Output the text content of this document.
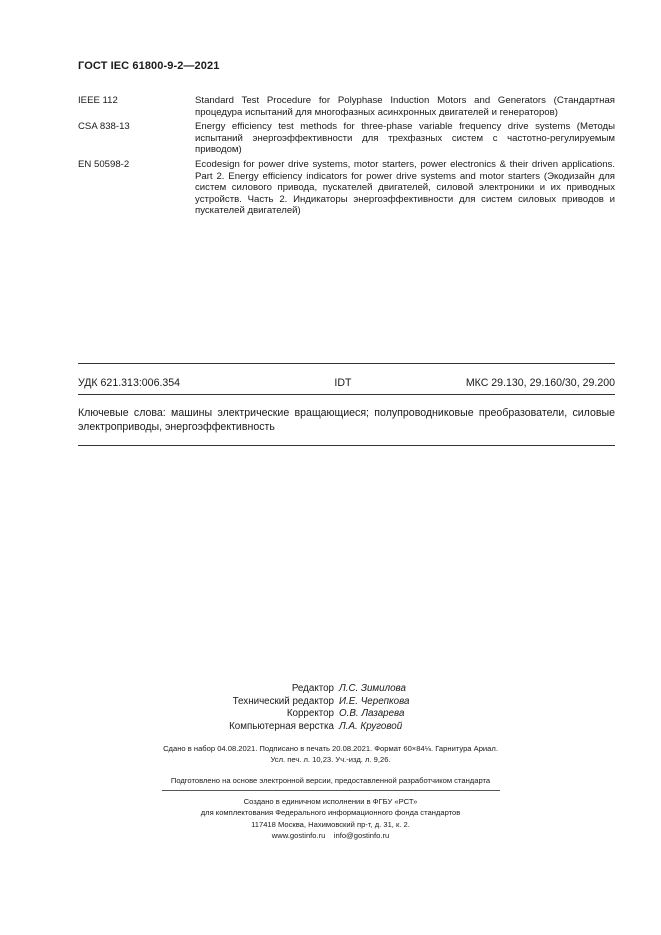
ГОСТ IEC 61800-9-2—2021
IEEE 112	Standard Test Procedure for Polyphase Induction Motors and Generators (Стандартная процедура испытаний для многофазных асинхронных двигателей и генераторов)
CSA 838-13	Energy efficiency test methods for three-phase variable frequency drive systems (Методы испытаний энергоэффективности для трехфазных систем с частотно-регулируемым приводом)
EN 50598-2	Ecodesign for power drive systems, motor starters, power electronics & their driven applications. Part 2. Energy efficiency indicators for power drive systems and motor starters (Экодизайн для систем силового привода, пускателей двигателей, силовой электроники и их приводных устройств. Часть 2. Индикаторы энергоэффективности для систем силовых приводов и пускателей двигателей)
УДК 621.313:006.354	IDT	МКС 29.130, 29.160/30, 29.200
Ключевые слова: машины электрические вращающиеся; полупроводниковые преобразователи, силовые электроприводы, энергоэффективность
Редактор Л.С. Зимилова
Технический редактор И.Е. Черепкова
Корректор О.В. Лазарева
Компьютерная верстка Л.А. Круговой
Сдано в набор 04.08.2021. Подписано в печать 20.08.2021. Формат 60×84⅛. Гарнитура Ариал.
Усл. печ. л. 10,23. Уч.-изд. л. 9,26.
Подготовлено на основе электронной версии, предоставленной разработчиком стандарта
Создано в единичном исполнении в ФГБУ «РСТ»
для комплектования Федерального информационного фонда стандартов
117418 Москва, Нахимовский пр-т, д. 31, к. 2.
www.gostinfo.ru    info@gostinfo.ru
